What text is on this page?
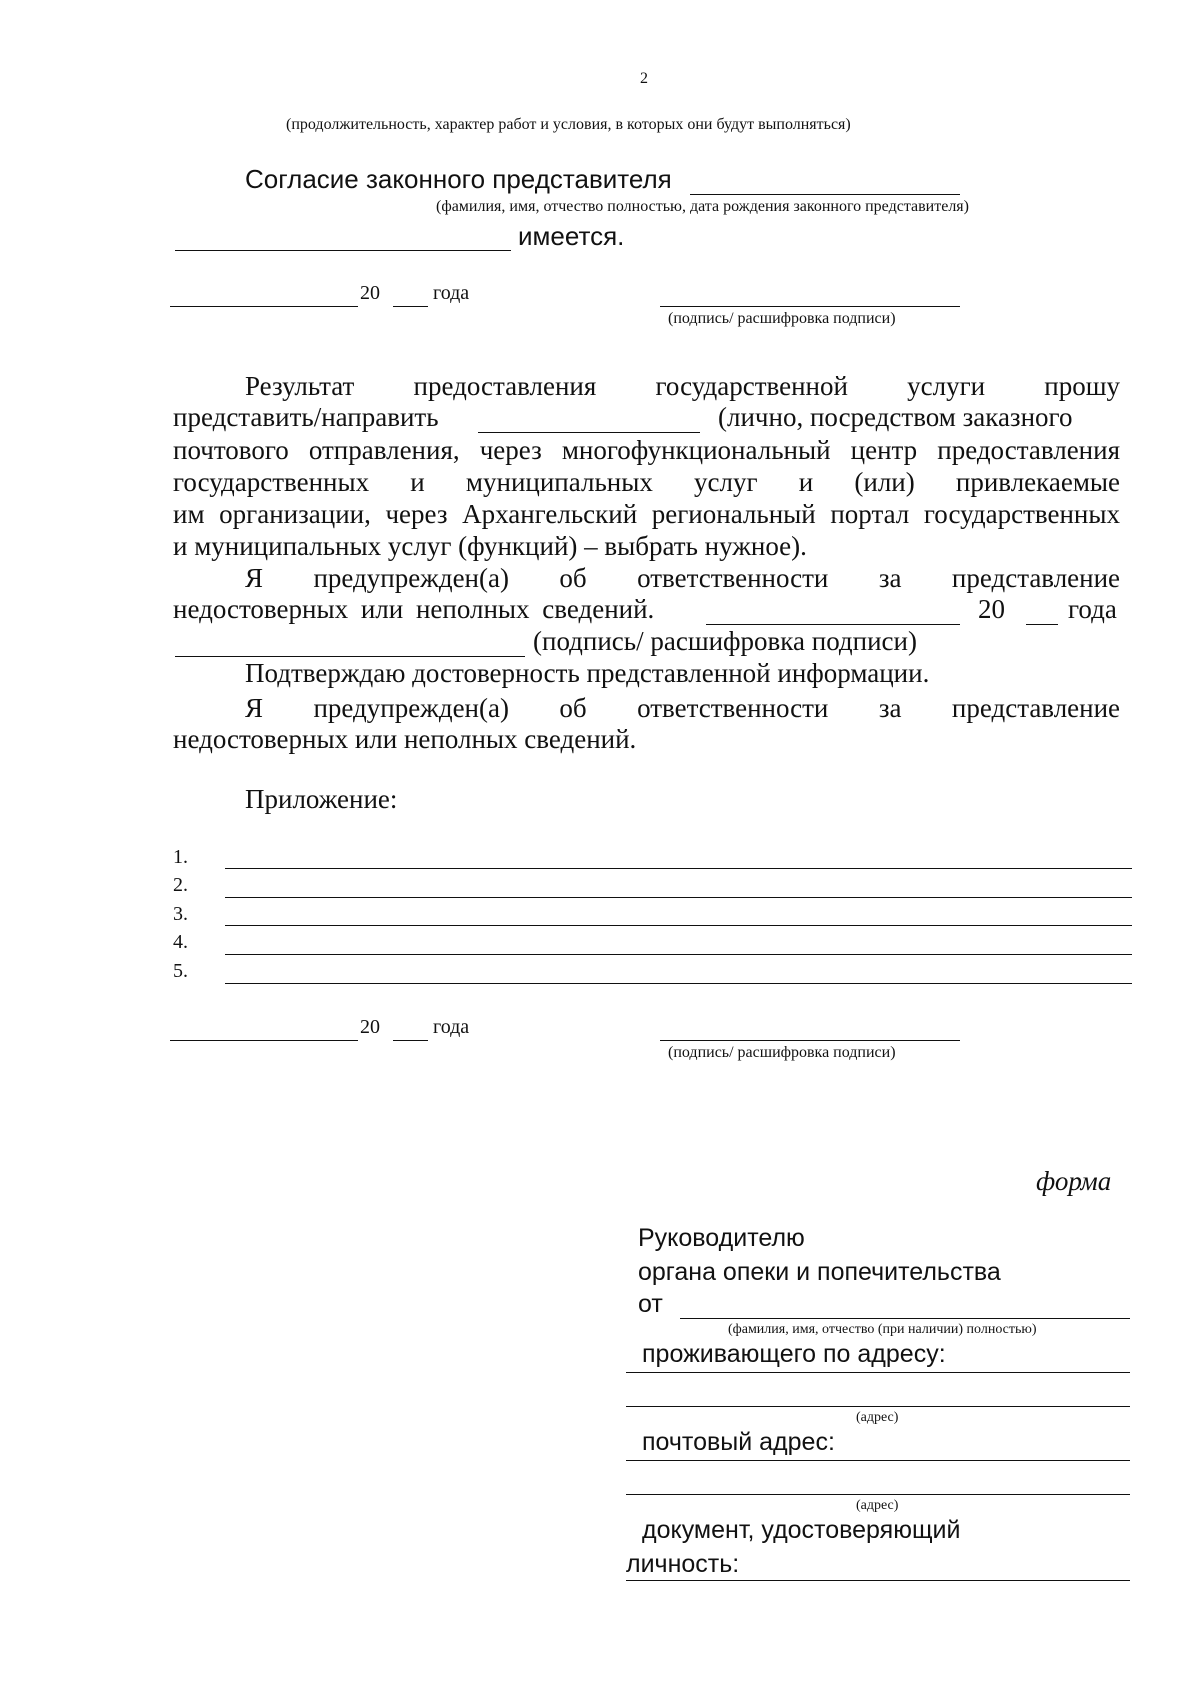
2
(продолжительность, характер работ и условия, в которых они будут выполняться)
Согласие законного представителя
(фамилия, имя, отчество полностью, дата рождения законного представителя)
имеется.
20	года
(подпись/ расшифровка подписи)
Результат предоставления государственной услуги прошу
представить/направить	(лично, посредством заказного
почтового отправления, через многофункциональный центр предоставления
государственных и муниципальных услуг и (или) привлекаемые
им организации, через Архангельский региональный портал государственных
и муниципальных услуг (функций) – выбрать нужное).
Я предупрежден(а) об ответственности за представление
недостоверных или неполных сведений.	20 года
(подпись/ расшифровка подписи)
Подтверждаю достоверность представленной информации.
Я предупрежден(а) об ответственности за представление
недостоверных или неполных сведений.
Приложение:
1.
2.
3.
4.
5.
20	года
(подпись/ расшифровка подписи)
форма
Руководителю
органа опеки и попечительства
от
(фамилия, имя, отчество (при наличии) полностью)
проживающего по адресу:
(адрес)
почтовый адрес:
(адрес)
документ, удостоверяющий
личность:
